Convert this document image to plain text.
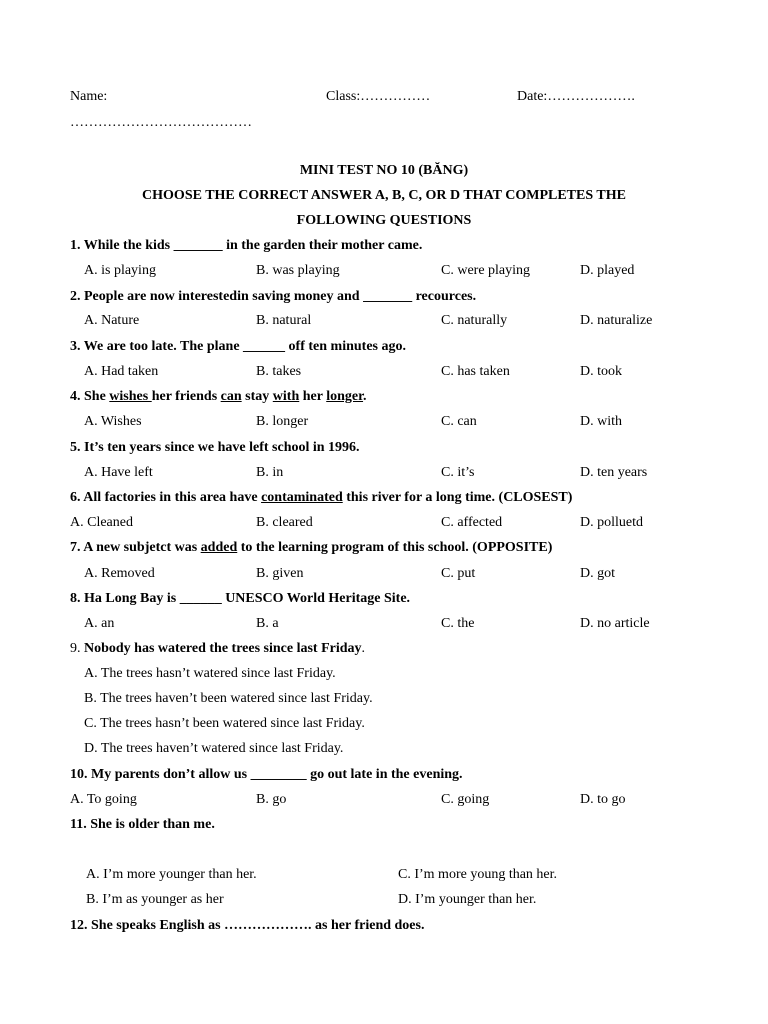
Name:	Class:……………	Date:……………….
…………………………………
MINI TEST NO 10 (BĂNG)
CHOOSE THE CORRECT ANSWER A, B, C, OR D THAT COMPLETES THE
FOLLOWING QUESTIONS
1. While the kids _______ in the garden their mother came.
A. is playing	B. was playing	C. were playing	D. played
2. People are now interestedin saving money and _______ recources.
A. Nature	B. natural	C. naturally	D. naturalize
3. We are too late. The plane ______ off ten minutes ago.
A. Had taken	B. takes	C. has taken	D. took
4. She wishes her friends can stay with her longer.
A. Wishes	B. longer	C. can	D. with
5. It’s ten years since we have left school in 1996.
A. Have left	B. in	C. it’s	D. ten years
6. All factories in this area have contaminated this river for a long time. (CLOSEST)
A. Cleaned	B. cleared	C. affected	D. polluetd
7. A new subjetct was added to the learning program of this school. (OPPOSITE)
A. Removed	B. given	C. put	D. got
8. Ha Long Bay is ______ UNESCO World Heritage Site.
A. an	B. a	C. the	D. no article
9. Nobody has watered the trees since last Friday.
A. The trees hasn’t watered since last Friday.
B. The trees haven’t been watered since last Friday.
C. The trees hasn’t been watered since last Friday.
D. The trees haven’t watered since last Friday.
10. My parents don’t allow us ________ go out late in the evening.
A. To going	B. go	C. going	D. to go
11. She is older than me.
A. I’m more younger than her.	C. I’m more young than her.
B. I’m as younger as her	D. I’m younger than her.
12. She speaks English as ………………. as her friend does.
